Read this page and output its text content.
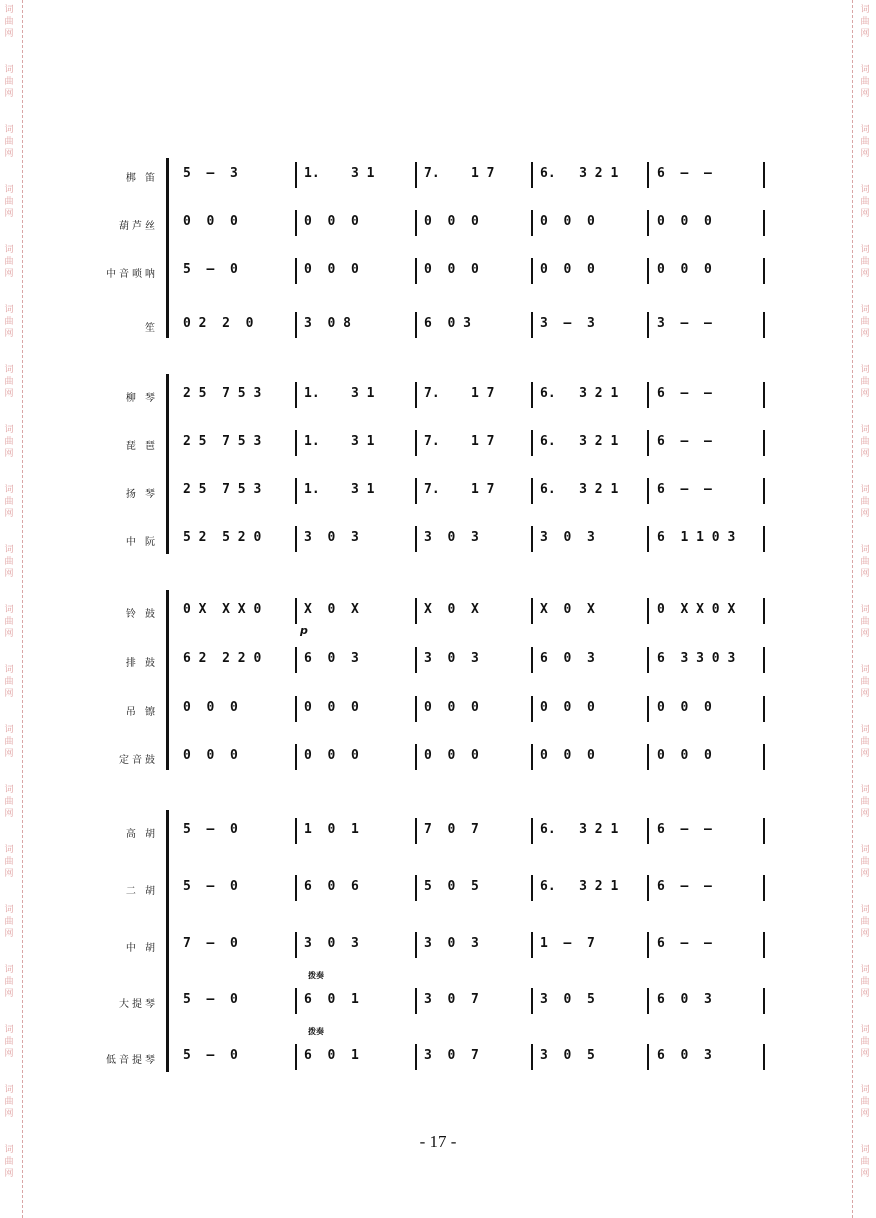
词
曲
网
词
曲
网
词
曲
网
词
曲
网
词
曲
网
词
曲
网
词
曲
网
词
曲
网
词
曲
网
词
曲
网
词
曲
网
词
曲
网
词
曲
网
词
曲
网
词
曲
网
词
曲
网
词
曲
网
词
曲
网
词
曲
网
词
曲
网
词
曲
网
词
曲
网
词
曲
网
词
曲
网
词
曲
网
词
曲
网
词
曲
网
词
曲
网
词
曲
网
词
曲
网
词
曲
网
词
曲
网
词
曲
网
词
曲
网
词
曲
网
词
曲
网
词
曲
网
词
曲
网
词
曲
网
词
曲
网
梆 笛 5  –  3	1.    3 1	7.    1 7	6.   3 2 1	6  –  –
葫芦丝 0  0  0	0  0  0	0  0  0	0  0  0	0  0  0
中音唢呐 5  –  0	0  0  0	0  0  0	0  0  0	0  0  0
笙 0 2  2  0	3  0 8	6  0 3	3  –  3	3  –  –
柳 琴 2 5  7 5 3	1.    3 1	7.    1 7	6.   3 2 1	6  –  –
琵 琶 2 5  7 5 3	1.    3 1	7.    1 7	6.   3 2 1	6  –  –
扬 琴 2 5  7 5 3	1.    3 1	7.    1 7	6.   3 2 1	6  –  –
中 阮 5 2  5 2 0	3  0  3	3  0  3	3  0  3	6  1 1 0 3
铃 鼓 0 X  X X 0	X  0  X	X  0  X	X  0  X	0  X X 0 X
排 鼓 6 2  2 2 0	6  0  3	3  0  3	6  0  3	6  3 3 0 3
吊 镲 0  0  0	0  0  0	0  0  0	0  0  0	0  0  0
定音鼓 0  0  0	0  0  0	0  0  0	0  0  0	0  0  0
高 胡 5  –  0	1  0  1	7  0  7	6.   3 2 1	6  –  –
二 胡 5  –  0	6  0  6	5  0  5	6.   3 2 1	6  –  –
中 胡 7  –  0	3  0  3	3  0  3	1  –  7	6  –  –
大提琴 5  –  0	6  0  1	3  0  7	3  0  5	6  0  3
低音提琴 5  –  0	6  0  1	3  0  7	3  0  5	6  0  3
p
拨奏
拨奏
- 17 -
